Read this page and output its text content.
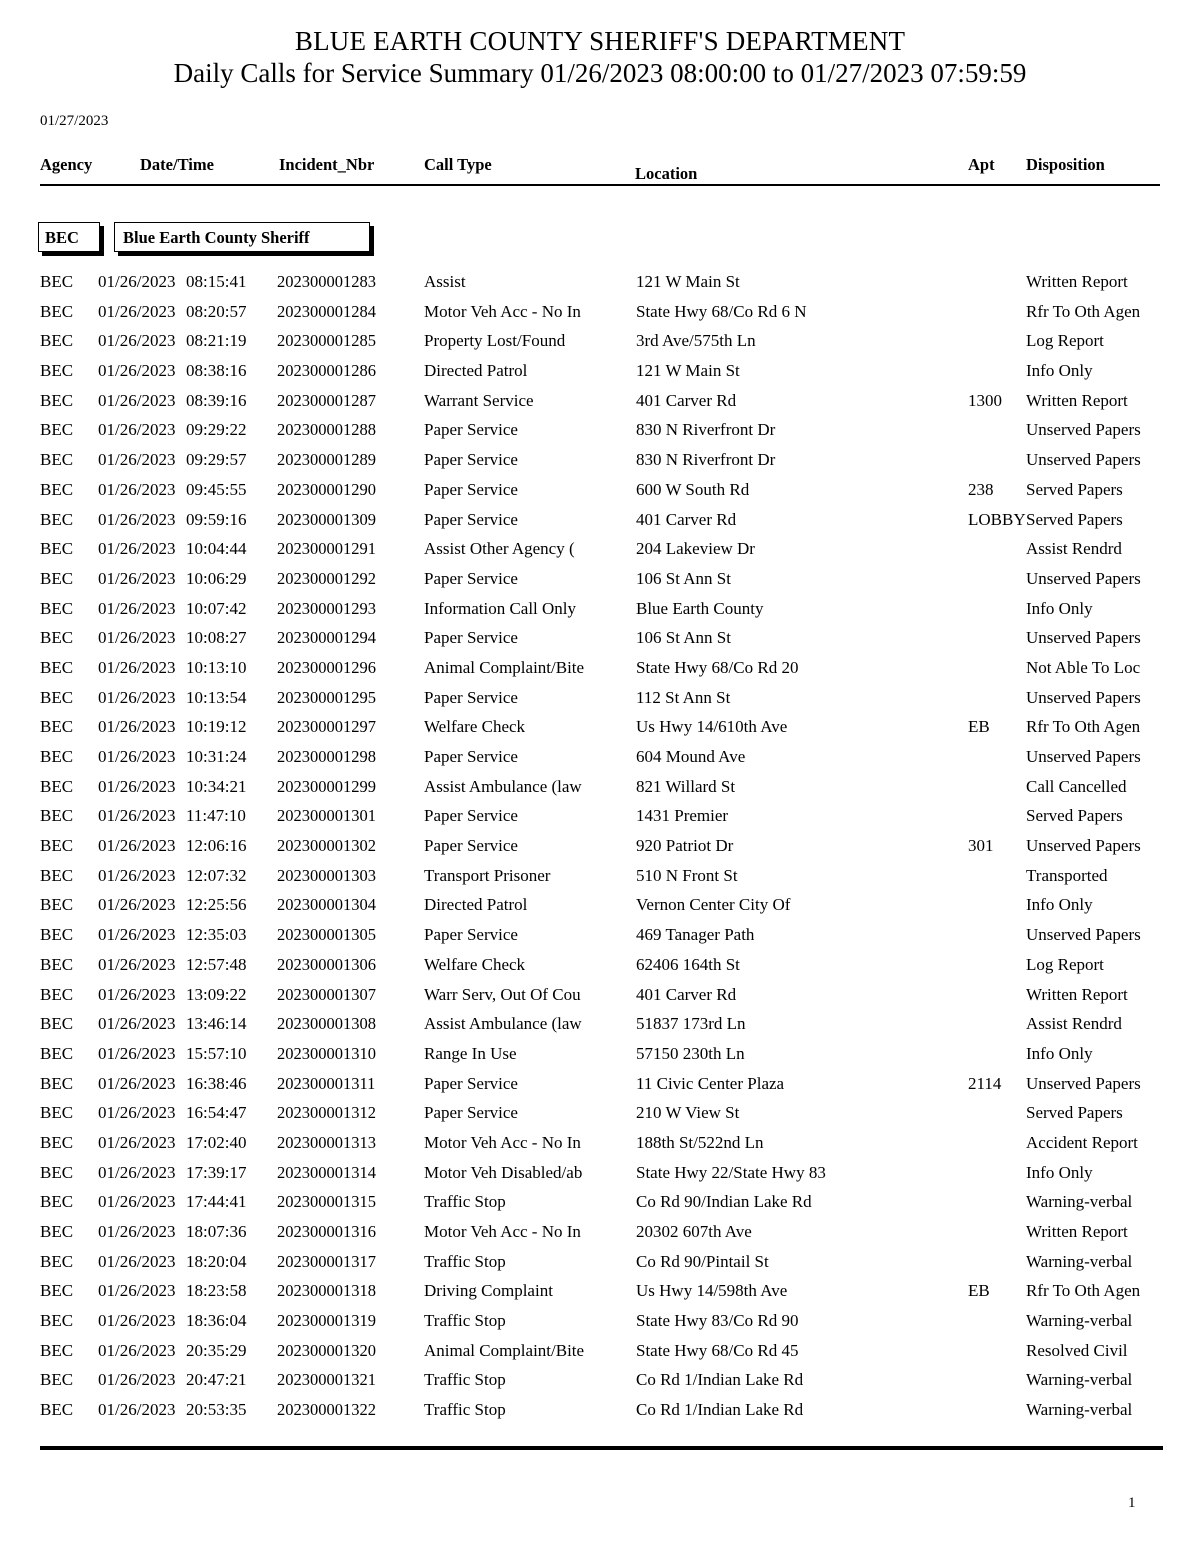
BLUE EARTH COUNTY SHERIFF'S DEPARTMENT
Daily Calls for Service Summary 01/26/2023 08:00:00 to 01/27/2023 07:59:59
01/27/2023
Agency	Date/Time	Incident_Nbr	Call Type	Location	Apt Disposition
BEC	Blue Earth County Sheriff
BEC 01/26/2023 08:15:41 202300001283	Assist	121 W Main St	Written Report
BEC 01/26/2023 08:20:57 202300001284	Motor Veh Acc - No In	State Hwy 68/Co Rd 6 N	Rfr To Oth Agen
BEC 01/26/2023 08:21:19 202300001285	Property Lost/Found	3rd Ave/575th Ln	Log Report
BEC 01/26/2023 08:38:16 202300001286	Directed Patrol	121 W Main St	Info Only
BEC 01/26/2023 08:39:16 202300001287	Warrant Service	401 Carver Rd	1300 Written Report
BEC 01/26/2023 09:29:22 202300001288	Paper Service	830 N Riverfront Dr	Unserved Papers
BEC 01/26/2023 09:29:57 202300001289	Paper Service	830 N Riverfront Dr	Unserved Papers
BEC 01/26/2023 09:45:55 202300001290	Paper Service	600 W South Rd	238 Served Papers
BEC 01/26/2023 09:59:16 202300001309	Paper Service	401 Carver Rd	LOBBY Served Papers
BEC 01/26/2023 10:04:44 202300001291	Assist Other Agency (	204 Lakeview Dr	Assist Rendrd
BEC 01/26/2023 10:06:29 202300001292	Paper Service	106 St Ann St	Unserved Papers
BEC 01/26/2023 10:07:42 202300001293	Information Call Only	Blue Earth County	Info Only
BEC 01/26/2023 10:08:27 202300001294	Paper Service	106 St Ann St	Unserved Papers
BEC 01/26/2023 10:13:10 202300001296	Animal Complaint/Bite	State Hwy 68/Co Rd 20	Not Able To Loc
BEC 01/26/2023 10:13:54 202300001295	Paper Service	112 St Ann St	Unserved Papers
BEC 01/26/2023 10:19:12 202300001297	Welfare Check	Us Hwy 14/610th Ave	EB Rfr To Oth Agen
BEC 01/26/2023 10:31:24 202300001298	Paper Service	604 Mound Ave	Unserved Papers
BEC 01/26/2023 10:34:21 202300001299	Assist Ambulance (law	821 Willard St	Call Cancelled
BEC 01/26/2023 11:47:10 202300001301	Paper Service	1431 Premier	Served Papers
BEC 01/26/2023 12:06:16 202300001302	Paper Service	920 Patriot Dr	301 Unserved Papers
BEC 01/26/2023 12:07:32 202300001303	Transport Prisoner	510 N Front St	Transported
BEC 01/26/2023 12:25:56 202300001304	Directed Patrol	Vernon Center City Of	Info Only
BEC 01/26/2023 12:35:03 202300001305	Paper Service	469 Tanager Path	Unserved Papers
BEC 01/26/2023 12:57:48 202300001306	Welfare Check	62406 164th St	Log Report
BEC 01/26/2023 13:09:22 202300001307	Warr Serv, Out Of Cou	401 Carver Rd	Written Report
BEC 01/26/2023 13:46:14 202300001308	Assist Ambulance (law	51837 173rd Ln	Assist Rendrd
BEC 01/26/2023 15:57:10 202300001310	Range In Use	57150 230th Ln	Info Only
BEC 01/26/2023 16:38:46 202300001311	Paper Service	11 Civic Center Plaza	2114 Unserved Papers
BEC 01/26/2023 16:54:47 202300001312	Paper Service	210 W View St	Served Papers
BEC 01/26/2023 17:02:40 202300001313	Motor Veh Acc - No In	188th St/522nd Ln	Accident Report
BEC 01/26/2023 17:39:17 202300001314	Motor Veh Disabled/ab	State Hwy 22/State Hwy 83	Info Only
BEC 01/26/2023 17:44:41 202300001315	Traffic Stop	Co Rd 90/Indian Lake Rd	Warning-verbal
BEC 01/26/2023 18:07:36 202300001316	Motor Veh Acc - No In	20302 607th Ave	Written Report
BEC 01/26/2023 18:20:04 202300001317	Traffic Stop	Co Rd 90/Pintail St	Warning-verbal
BEC 01/26/2023 18:23:58 202300001318	Driving Complaint	Us Hwy 14/598th Ave	EB Rfr To Oth Agen
BEC 01/26/2023 18:36:04 202300001319	Traffic Stop	State Hwy 83/Co Rd 90	Warning-verbal
BEC 01/26/2023 20:35:29 202300001320	Animal Complaint/Bite	State Hwy 68/Co Rd 45	Resolved Civil
BEC 01/26/2023 20:47:21 202300001321	Traffic Stop	Co Rd 1/Indian Lake Rd	Warning-verbal
BEC 01/26/2023 20:53:35 202300001322	Traffic Stop	Co Rd 1/Indian Lake Rd	Warning-verbal
1
